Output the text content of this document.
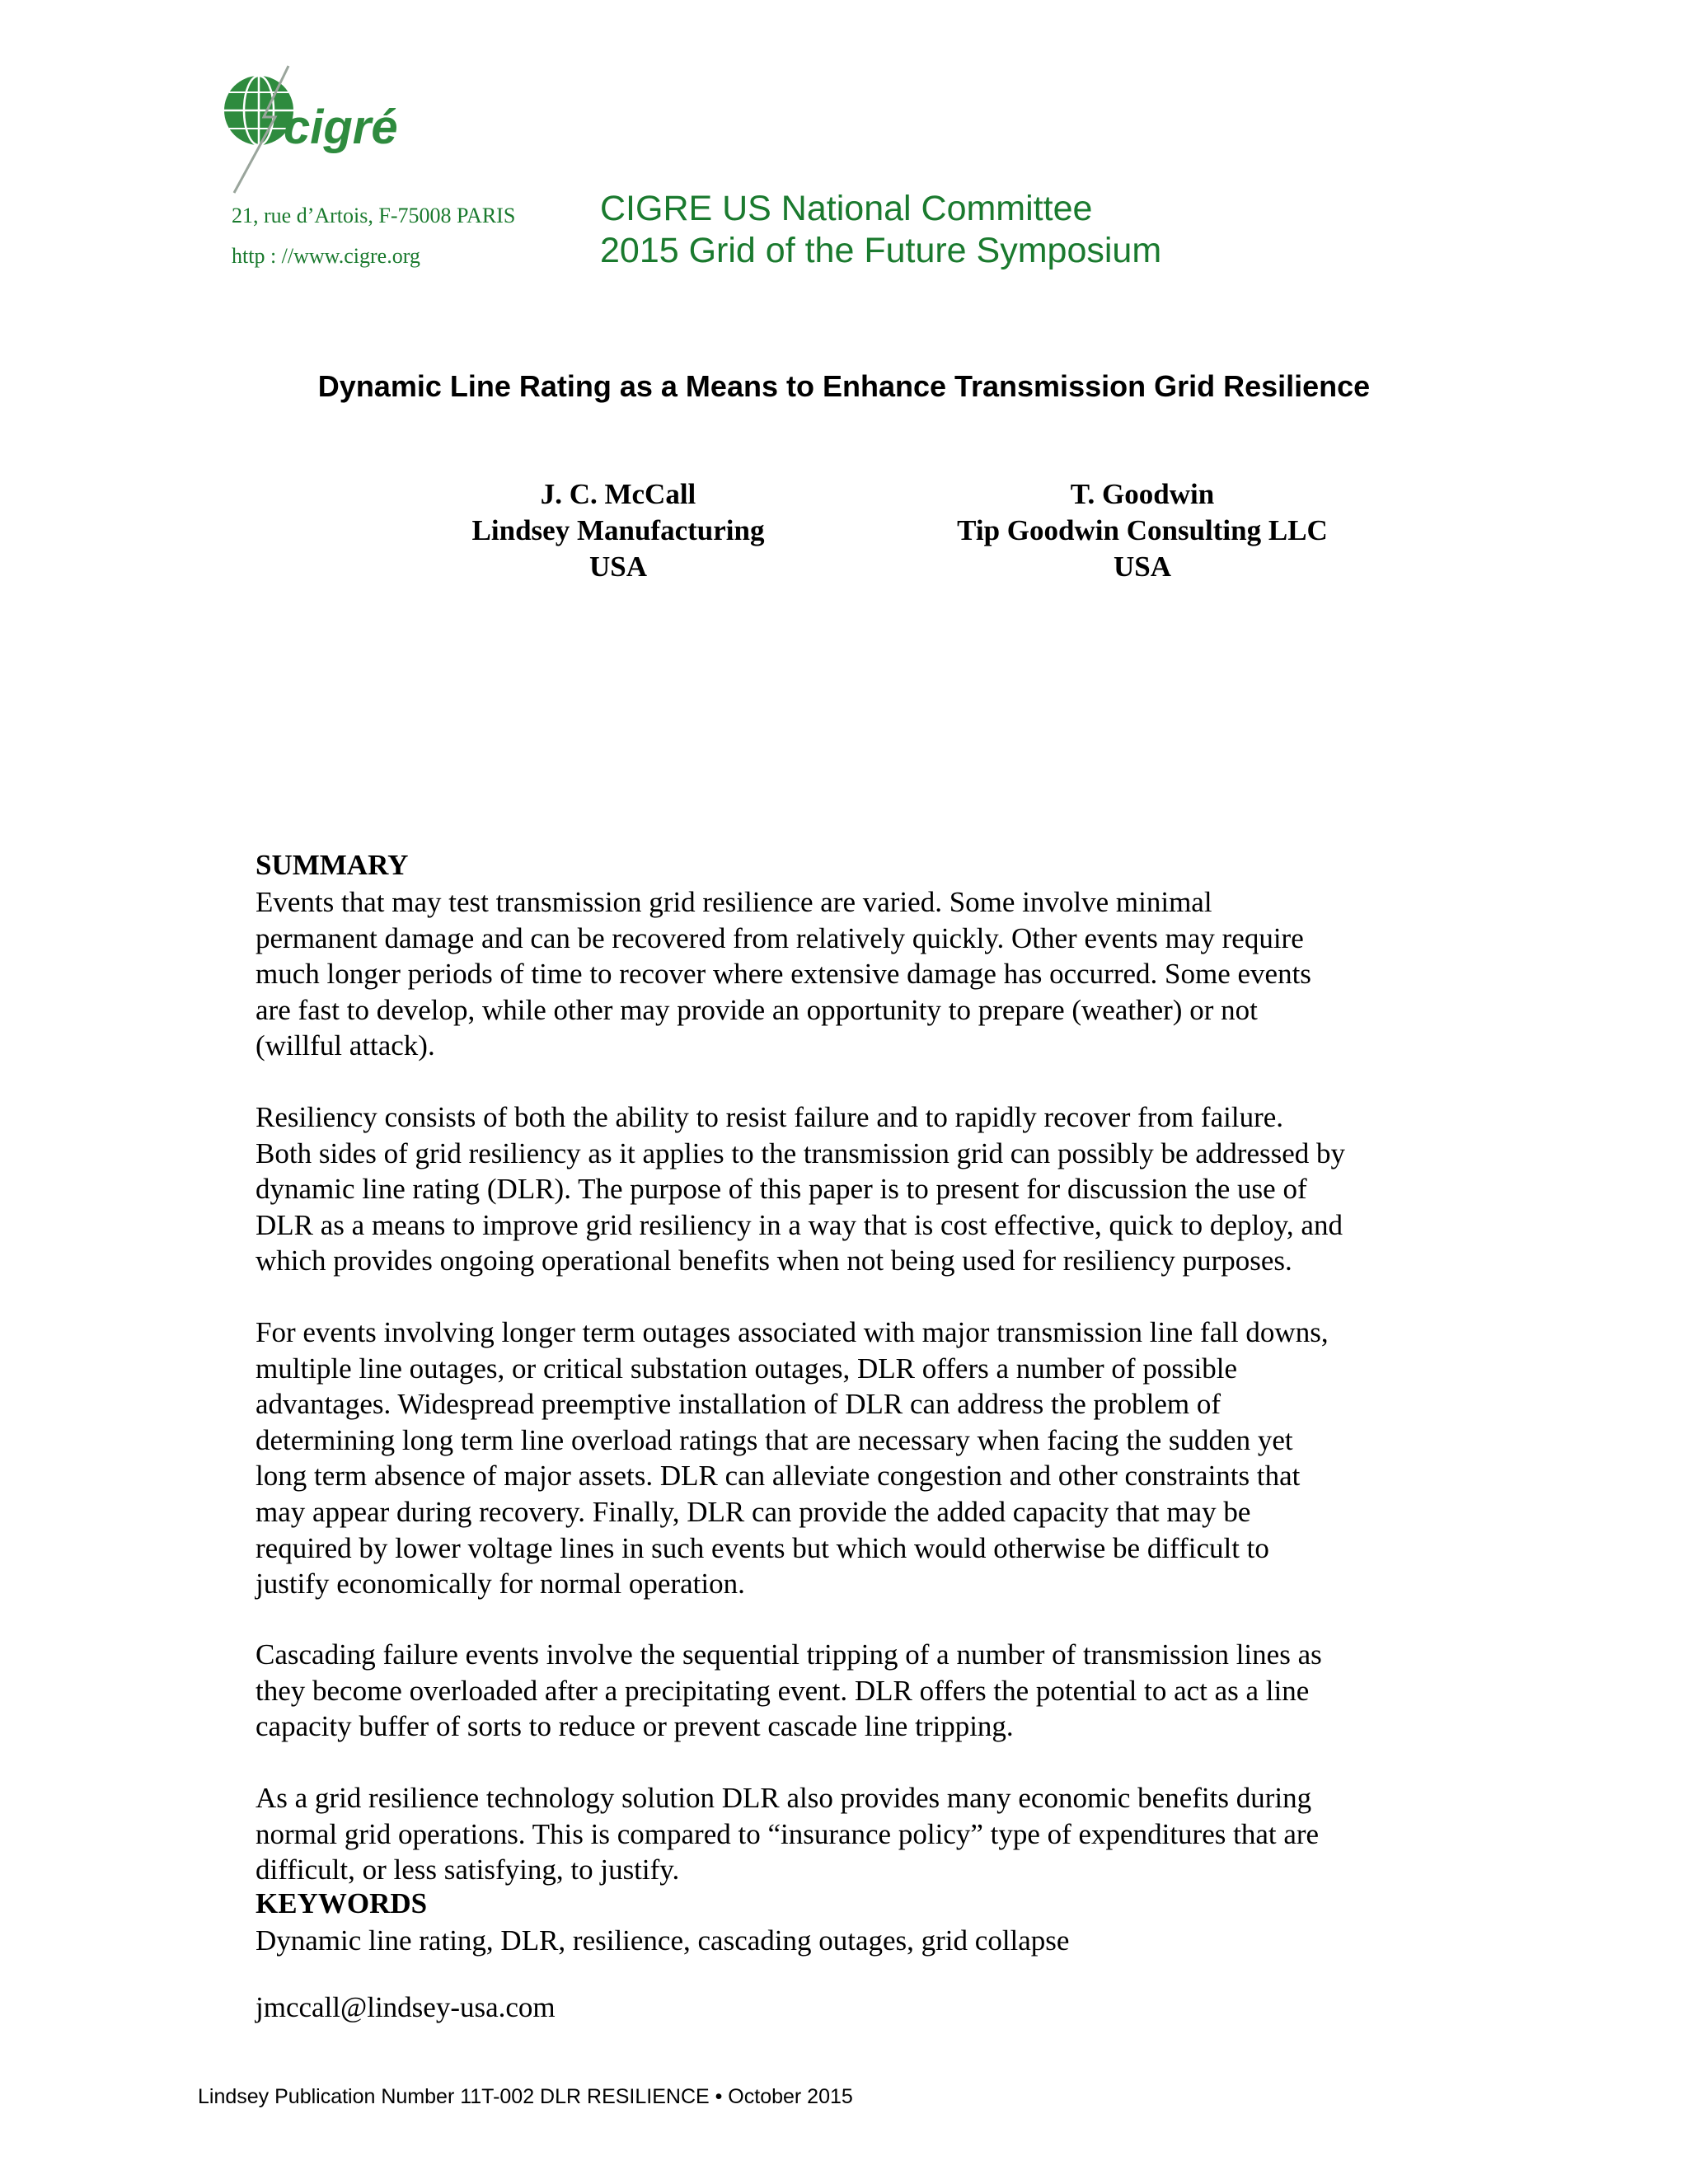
cigré
21, rue d’Artois, F-75008 PARIS
http : //www.cigre.org
CIGRE US National Committee
2015 Grid of the Future Symposium
Dynamic Line Rating as a Means to Enhance Transmission Grid Resilience
J. C. McCall
Lindsey Manufacturing
USA
T. Goodwin
Tip Goodwin Consulting LLC
USA
SUMMARY
Events that may test transmission grid resilience are varied. Some involve minimal
permanent damage and can be recovered from relatively quickly. Other events may require
much longer periods of time to recover where extensive damage has occurred. Some events
are fast to develop, while other may provide an opportunity to prepare (weather) or not
(willful attack).
Resiliency consists of both the ability to resist failure and to rapidly recover from failure.
Both sides of grid resiliency as it applies to the transmission grid can possibly be addressed by
dynamic line rating (DLR). The purpose of this paper is to present for discussion the use of
DLR as a means to improve grid resiliency in a way that is cost effective, quick to deploy, and
which provides ongoing operational benefits when not being used for resiliency purposes.
For events involving longer term outages associated with major transmission line fall downs,
multiple line outages, or critical substation outages, DLR offers a number of possible
advantages. Widespread preemptive installation of DLR can address the problem of
determining long term line overload ratings that are necessary when facing the sudden yet
long term absence of major assets. DLR can alleviate congestion and other constraints that
may appear during recovery. Finally, DLR can provide the added capacity that may be
required by lower voltage lines in such events but which would otherwise be difficult to
justify economically for normal operation.
Cascading failure events involve the sequential tripping of a number of transmission lines as
they become overloaded after a precipitating event. DLR offers the potential to act as a line
capacity buffer of sorts to reduce or prevent cascade line tripping.
As a grid resilience technology solution DLR also provides many economic benefits during
normal grid operations. This is compared to “insurance policy” type of expenditures that are
difficult, or less satisfying, to justify.
KEYWORDS
Dynamic line rating, DLR, resilience, cascading outages, grid collapse
jmccall@lindsey-usa.com
Lindsey Publication Number 11T-002 DLR RESILIENCE • October 2015
